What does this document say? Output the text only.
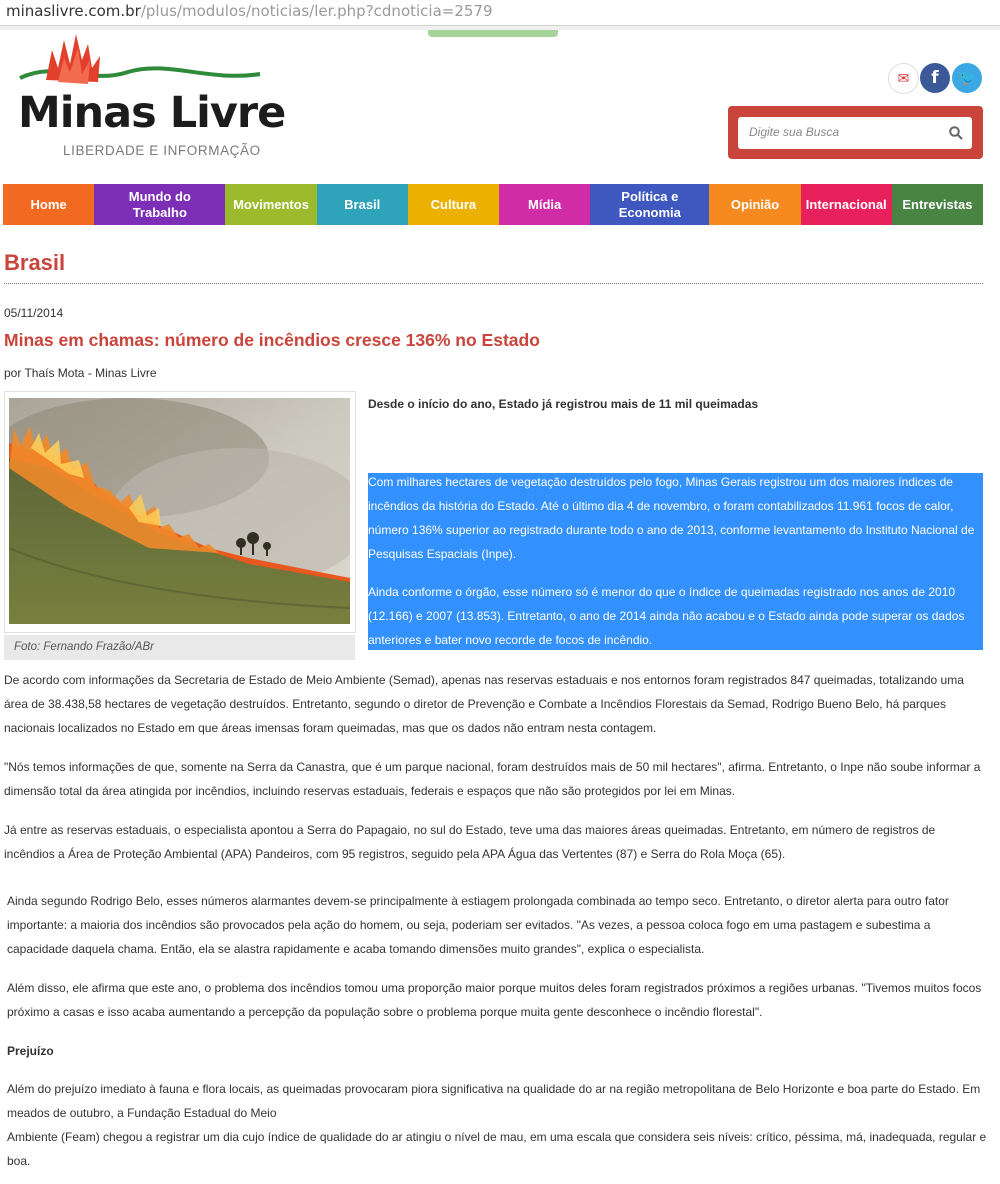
minaslivre.com.br/plus/modulos/noticias/ler.php?cdnoticia=2579
Minas Livre
LIBERDADE E INFORMAÇÃO
✉	f	🐦
Digite sua Busca
Home
Mundo do Trabalho
Movimentos	Brasil	Cultura	Mídia
Política e Economia
Opinião	Internacional	Entrevistas
Brasil
05/11/2014
Minas em chamas: número de incêndios cresce 136% no Estado
por Thaís Mota - Minas Livre
Foto: Fernando Frazão/ABr
Desde o início do ano, Estado já registrou mais de 11 mil queimadas
Com milhares hectares de vegetação destruídos pelo fogo, Minas Gerais registrou um dos maiores índices de
incêndios da história do Estado. Até o último dia 4 de novembro, o foram contabilizados 11.961 focos de calor,
número 136% superior ao registrado durante todo o ano de 2013, conforme levantamento do Instituto Nacional de
Pesquisas Espaciais (Inpe).
Ainda conforme o órgão, esse número só é menor do que o índice de queimadas registrado nos anos de 2010
(12.166) e 2007 (13.853). Entretanto, o ano de 2014 ainda não acabou e o Estado ainda pode superar os dados
anteriores e bater novo recorde de focos de incêndio.
De acordo com informações da Secretaria de Estado de Meio Ambiente (Semad), apenas nas reservas estaduais e nos entornos foram registrados 847 queimadas, totalizando uma
área de 38.438,58 hectares de vegetação destruídos. Entretanto, segundo o diretor de Prevenção e Combate a Incêndios Florestais da Semad, Rodrigo Bueno Belo, há parques
nacionais localizados no Estado em que áreas imensas foram queimadas, mas que os dados não entram nesta contagem.
"Nós temos informações de que, somente na Serra da Canastra, que é um parque nacional, foram destruídos mais de 50 mil hectares", afirma. Entretanto, o Inpe não soube informar a
dimensão total da área atingida por incêndios, incluindo reservas estaduais, federais e espaços que não são protegidos por lei em Minas.
Já entre as reservas estaduais, o especialista apontou a Serra do Papagaio, no sul do Estado, teve uma das maiores áreas queimadas. Entretanto, em número de registros de
incêndios a Área de Proteção Ambiental (APA) Pandeiros, com 95 registros, seguido pela APA Água das Vertentes (87) e Serra do Rola Moça (65).
Ainda segundo Rodrigo Belo, esses números alarmantes devem-se principalmente à estiagem prolongada combinada ao tempo seco. Entretanto, o diretor alerta para outro fator
importante: a maioria dos incêndios são provocados pela ação do homem, ou seja, poderiam ser evitados. "As vezes, a pessoa coloca fogo em uma pastagem e subestima a
capacidade daquela chama. Então, ela se alastra rapidamente e acaba tomando dimensões muito grandes", explica o especialista.
Além disso, ele afirma que este ano, o problema dos incêndios tomou uma proporção maior porque muitos deles foram registrados próximos a regiões urbanas. "Tivemos muitos focos
próximo a casas e isso acaba aumentando a percepção da população sobre o problema porque muita gente desconhece o incêndio florestal".
Além do prejuízo imediato à fauna e flora locais, as queimadas provocaram piora significativa na qualidade do ar na região metropolitana de Belo Horizonte e boa parte do Estado. Em
meados de outubro, a Fundação Estadual do Meio
Ambiente (Feam) chegou a registrar um dia cujo índice de qualidade do ar atingiu o nível de mau, em uma escala que considera seis níveis: crítico, péssima, má, inadequada, regular e
boa.
Prejuízo
